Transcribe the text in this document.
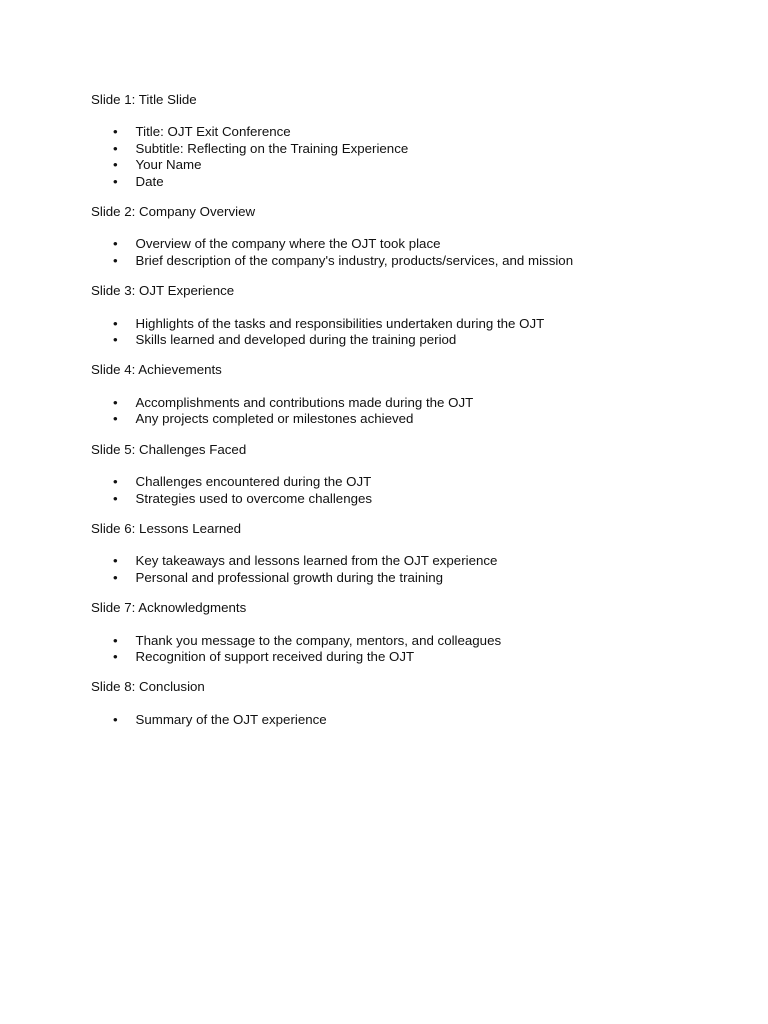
Slide 1: Title Slide
• Title: OJT Exit Conference
• Subtitle: Reflecting on the Training Experience
• Your Name
• Date
Slide 2: Company Overview
• Overview of the company where the OJT took place
• Brief description of the company's industry, products/services, and mission
Slide 3: OJT Experience
• Highlights of the tasks and responsibilities undertaken during the OJT
• Skills learned and developed during the training period
Slide 4: Achievements
• Accomplishments and contributions made during the OJT
• Any projects completed or milestones achieved
Slide 5: Challenges Faced
• Challenges encountered during the OJT
• Strategies used to overcome challenges
Slide 6: Lessons Learned
• Key takeaways and lessons learned from the OJT experience
• Personal and professional growth during the training
Slide 7: Acknowledgments
• Thank you message to the company, mentors, and colleagues
• Recognition of support received during the OJT
Slide 8: Conclusion
• Summary of the OJT experience
